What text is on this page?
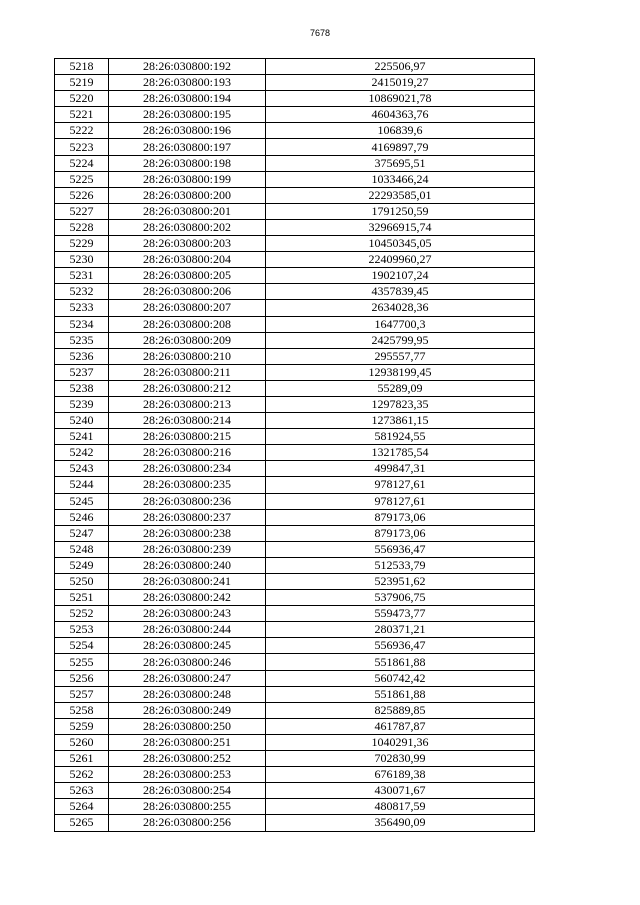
7678
5218	28:26:030800:192	225506,97
5219	28:26:030800:193	2415019,27
5220	28:26:030800:194	10869021,78
5221	28:26:030800:195	4604363,76
5222	28:26:030800:196	106839,6
5223	28:26:030800:197	4169897,79
5224	28:26:030800:198	375695,51
5225	28:26:030800:199	1033466,24
5226	28:26:030800:200	22293585,01
5227	28:26:030800:201	1791250,59
5228	28:26:030800:202	32966915,74
5229	28:26:030800:203	10450345,05
5230	28:26:030800:204	22409960,27
5231	28:26:030800:205	1902107,24
5232	28:26:030800:206	4357839,45
5233	28:26:030800:207	2634028,36
5234	28:26:030800:208	1647700,3
5235	28:26:030800:209	2425799,95
5236	28:26:030800:210	295557,77
5237	28:26:030800:211	12938199,45
5238	28:26:030800:212	55289,09
5239	28:26:030800:213	1297823,35
5240	28:26:030800:214	1273861,15
5241	28:26:030800:215	581924,55
5242	28:26:030800:216	1321785,54
5243	28:26:030800:234	499847,31
5244	28:26:030800:235	978127,61
5245	28:26:030800:236	978127,61
5246	28:26:030800:237	879173,06
5247	28:26:030800:238	879173,06
5248	28:26:030800:239	556936,47
5249	28:26:030800:240	512533,79
5250	28:26:030800:241	523951,62
5251	28:26:030800:242	537906,75
5252	28:26:030800:243	559473,77
5253	28:26:030800:244	280371,21
5254	28:26:030800:245	556936,47
5255	28:26:030800:246	551861,88
5256	28:26:030800:247	560742,42
5257	28:26:030800:248	551861,88
5258	28:26:030800:249	825889,85
5259	28:26:030800:250	461787,87
5260	28:26:030800:251	1040291,36
5261	28:26:030800:252	702830,99
5262	28:26:030800:253	676189,38
5263	28:26:030800:254	430071,67
5264	28:26:030800:255	480817,59
5265	28:26:030800:256	356490,09
